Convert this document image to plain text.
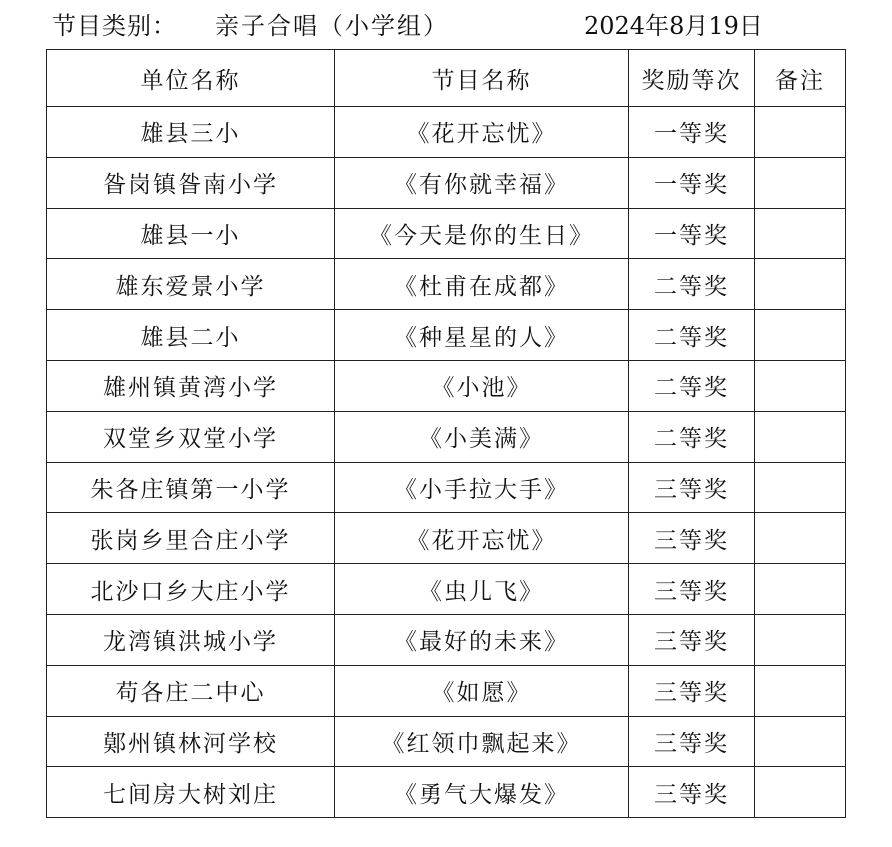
节目类别： 亲子合唱（小学组）	2024年8月19日
单位名称	节目名称	奖励等次	备注
雄县三小	《花开忘忧》	一等奖	
昝岗镇昝南小学	《有你就幸福》	一等奖	
雄县一小	《今天是你的生日》	一等奖	
雄东爱景小学	《杜甫在成都》	二等奖	
雄县二小	《种星星的人》	二等奖	
雄州镇黄湾小学	《小池》	二等奖	
双堂乡双堂小学	《小美满》	二等奖	
朱各庄镇第一小学	《小手拉大手》	三等奖	
张岗乡里合庄小学	《花开忘忧》	三等奖	
北沙口乡大庄小学	《虫儿飞》	三等奖	
龙湾镇洪城小学	《最好的未来》	三等奖	
苟各庄二中心	《如愿》	三等奖	
鄚州镇林河学校	《红领巾飘起来》	三等奖	
七间房大树刘庄	《勇气大爆发》	三等奖	
